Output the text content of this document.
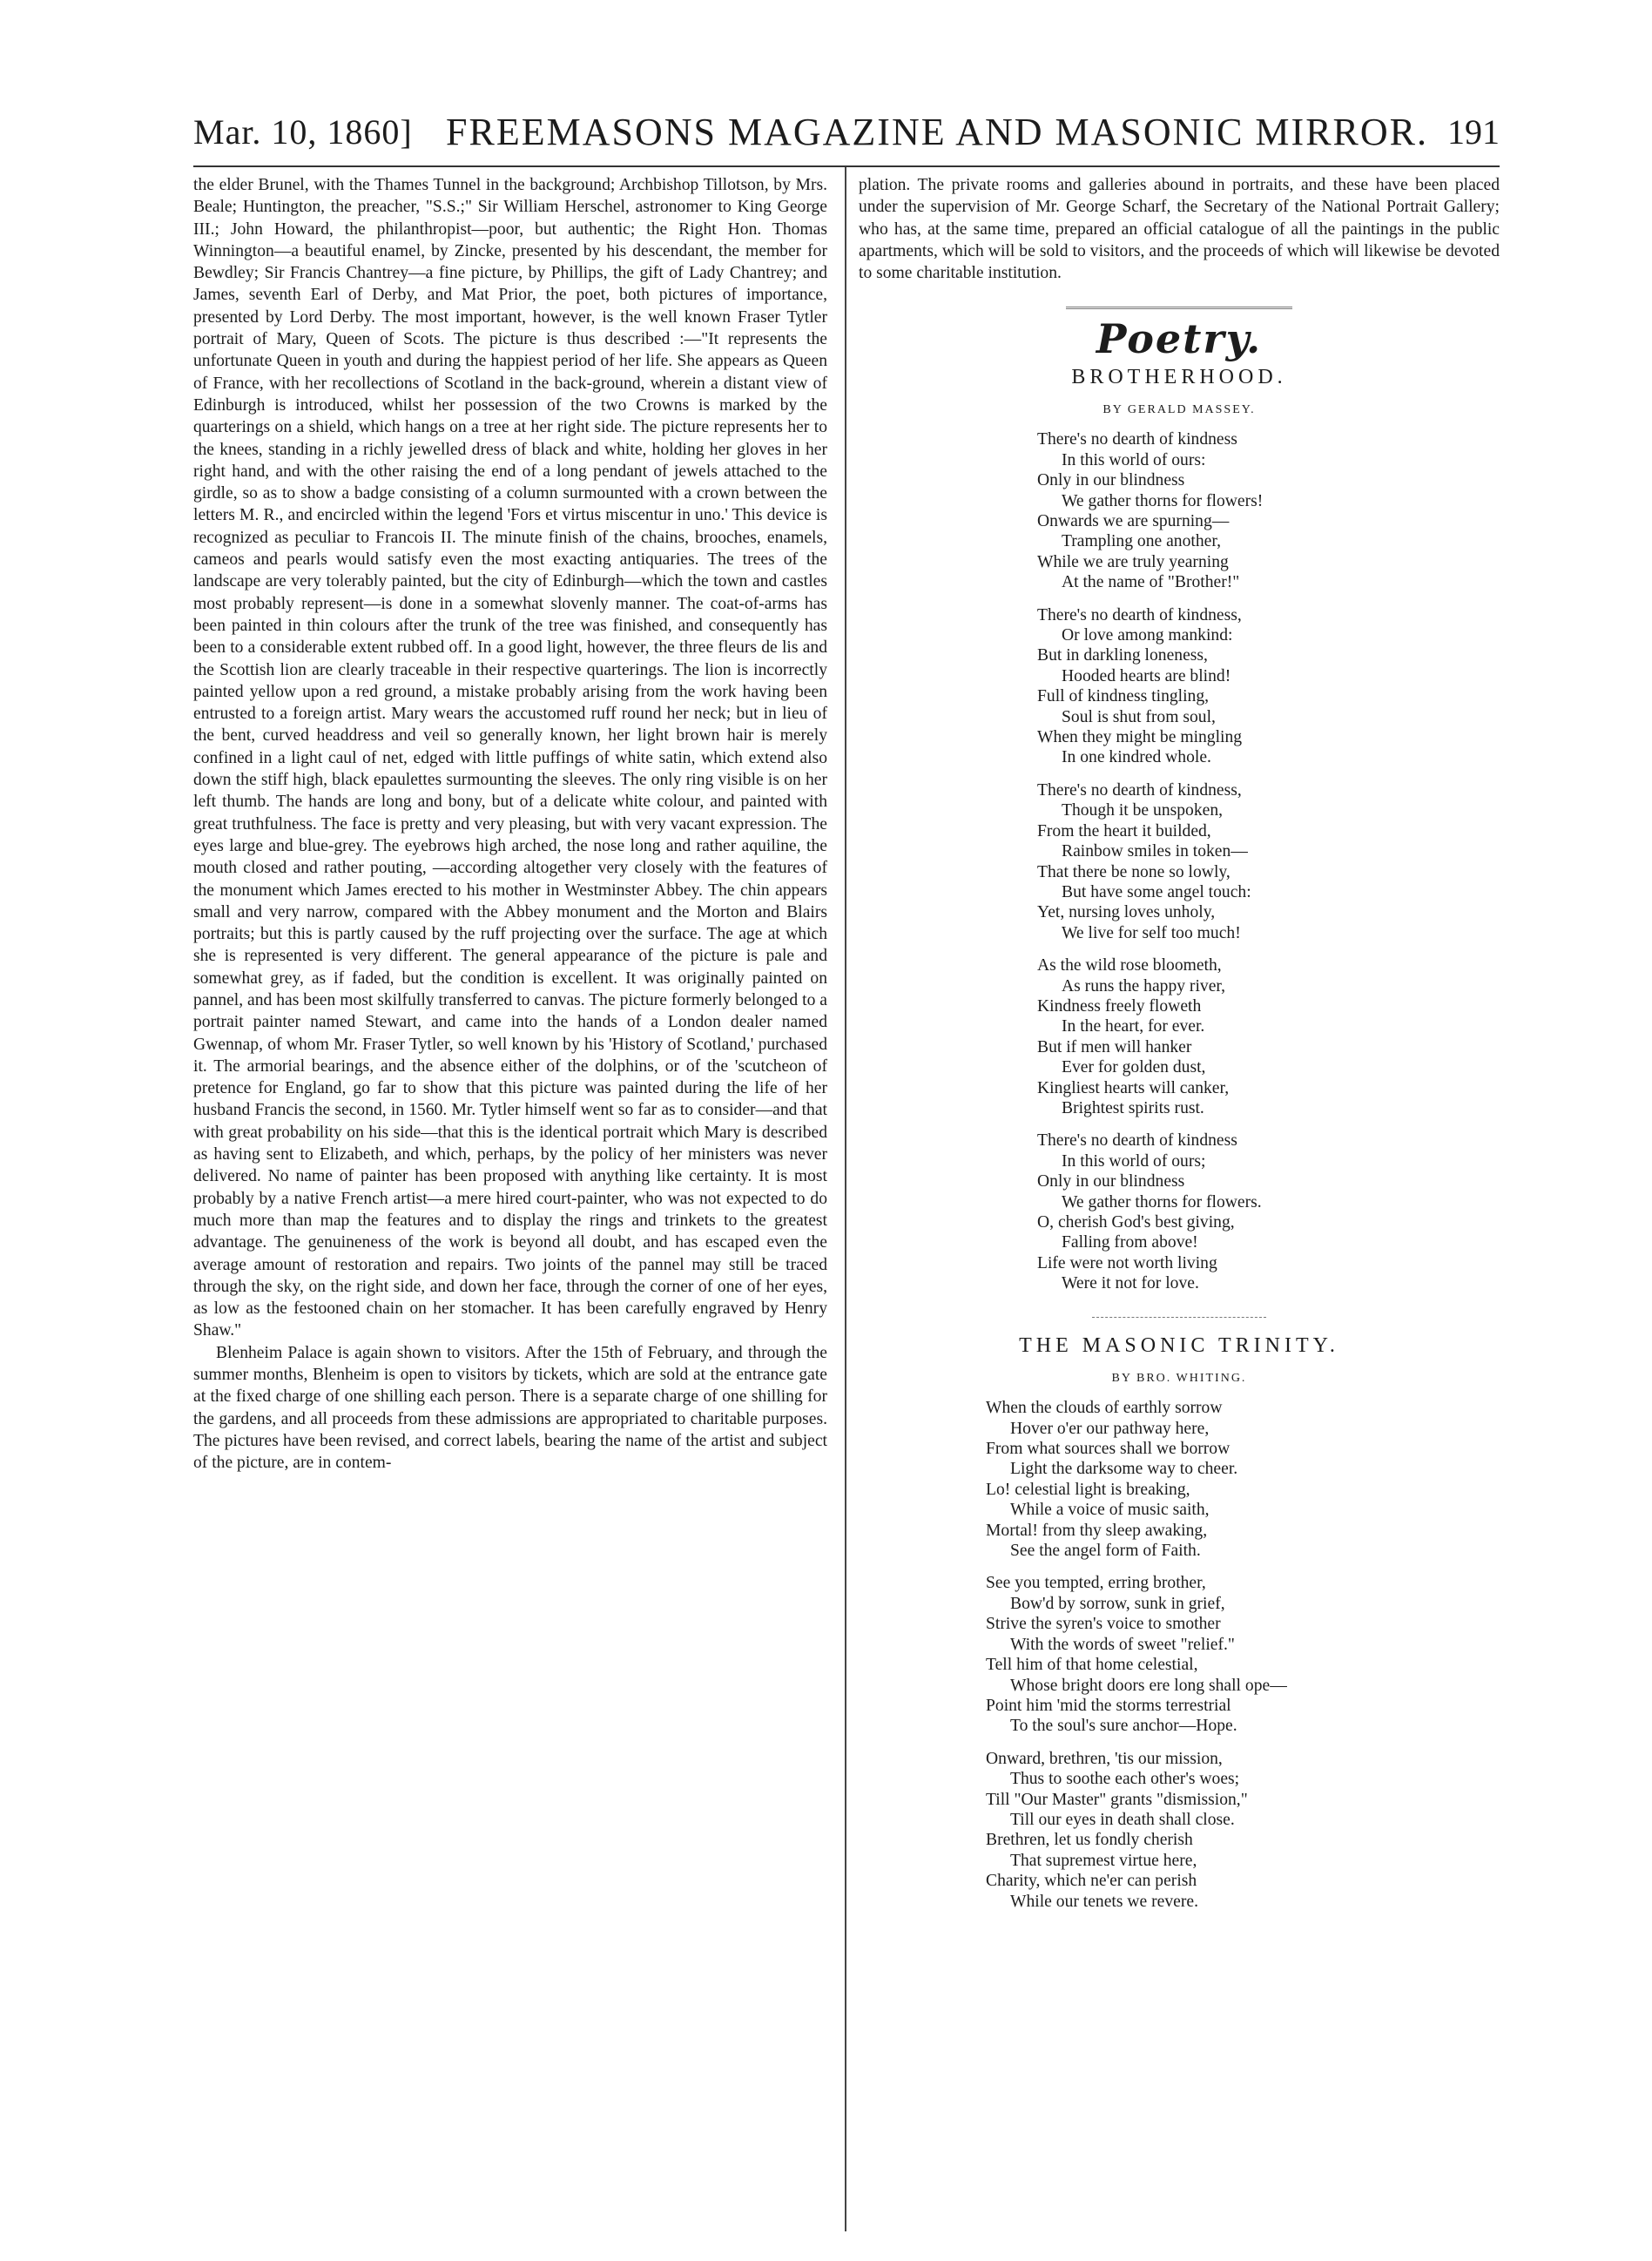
Mar. 10, 1860] FREEMASONS MAGAZINE AND MASONIC MIRROR. 191

the elder Brunel, with the Thames Tunnel in the background; Archbishop Tillotson, by Mrs. Beale; Huntington, the preacher, "S.S.;" Sir William Herschel, astronomer to King George III.; John Howard, the philanthropist—poor, but authentic; the Right Hon. Thomas Winnington—a beautiful enamel, by Zincke, presented by his descendant, the member for Bewdley; Sir Francis Chantrey—a fine picture, by Phillips, the gift of Lady Chantrey; and James, seventh Earl of Derby, and Mat Prior, the poet, both pictures of importance, presented by Lord Derby. The most important, however, is the well known Fraser Tytler portrait of Mary, Queen of Scots. The picture is thus described :—"It represents the unfortunate Queen in youth and during the happiest period of her life. She appears as Queen of France, with her recollections of Scotland in the back-ground, wherein a distant view of Edinburgh is introduced, whilst her possession of the two Crowns is marked by the quarterings on a shield, which hangs on a tree at her right side. The picture represents her to the knees, standing in a richly jewelled dress of black and white, holding her gloves in her right hand, and with the other raising the end of a long pendant of jewels attached to the girdle, so as to show a badge consisting of a column surmounted with a crown between the letters M. R., and encircled within the legend 'Fors et virtus miscentur in uno.' This device is recognized as peculiar to Francois II. The minute finish of the chains, brooches, enamels, cameos and pearls would satisfy even the most exacting antiquaries. The trees of the landscape are very tolerably painted, but the city of Edinburgh—which the town and castles most probably represent—is done in a somewhat slovenly manner. The coat-of-arms has been painted in thin colours after the trunk of the tree was finished, and consequently has been to a considerable extent rubbed off. In a good light, however, the three fleurs de lis and the Scottish lion are clearly traceable in their respective quarterings. The lion is incorrectly painted yellow upon a red ground, a mistake probably arising from the work having been entrusted to a foreign artist. Mary wears the accustomed ruff round her neck; but in lieu of the bent, curved headdress and veil so generally known, her light brown hair is merely confined in a light caul of net, edged with little puffings of white satin, which extend also down the stiff high, black epaulettes surmounting the sleeves. The only ring visible is on her left thumb. The hands are long and bony, but of a delicate white colour, and painted with great truthfulness. The face is pretty and very pleasing, but with very vacant expression. The eyes large and blue-grey. The eyebrows high arched, the nose long and rather aquiline, the mouth closed and rather pouting, —according altogether very closely with the features of the monument which James erected to his mother in Westminster Abbey. The chin appears small and very narrow, compared with the Abbey monument and the Morton and Blairs portraits; but this is partly caused by the ruff projecting over the surface. The age at which she is represented is very different. The general appearance of the picture is pale and somewhat grey, as if faded, but the condition is excellent. It was originally painted on pannel, and has been most skilfully transferred to canvas. The picture formerly belonged to a portrait painter named Stewart, and came into the hands of a London dealer named Gwennap, of whom Mr. Fraser Tytler, so well known by his 'History of Scotland,' purchased it. The armorial bearings, and the absence either of the dolphins, or of the 'scutcheon of pretence for England, go far to show that this picture was painted during the life of her husband Francis the second, in 1560. Mr. Tytler himself went so far as to consider—and that with great probability on his side—that this is the identical portrait which Mary is described as having sent to Elizabeth, and which, perhaps, by the policy of her ministers was never delivered. No name of painter has been proposed with anything like certainty. It is most probably by a native French artist—a mere hired court-painter, who was not expected to do much more than map the features and to display the rings and trinkets to the greatest advantage. The genuineness of the work is beyond all doubt, and has escaped even the average amount of restoration and repairs. Two joints of the pannel may still be traced through the sky, on the right side, and down her face, through the corner of one of her eyes, as low as the festooned chain on her stomacher. It has been carefully engraved by Henry Shaw."

Blenheim Palace is again shown to visitors. After the 15th of February, and through the summer months, Blenheim is open to visitors by tickets, which are sold at the entrance gate at the fixed charge of one shilling each person. There is a separate charge of one shilling for the gardens, and all proceeds from these admissions are appropriated to charitable purposes. The pictures have been revised, and correct labels, bearing the name of the artist and subject of the picture, are in contem-

plation. The private rooms and galleries abound in portraits, and these have been placed under the supervision of Mr. George Scharf, the Secretary of the National Portrait Gallery; who has, at the same time, prepared an official catalogue of all the paintings in the public apartments, which will be sold to visitors, and the proceeds of which will likewise be devoted to some charitable institution.

Poetry.
BROTHERHOOD.
BY GERALD MASSEY.
There's no dearth of kindness
In this world of ours:
Only in our blindness
We gather thorns for flowers!
Onwards we are spurning—
Trampling one another,
While we are truly yearning
At the name of "Brother!"
There's no dearth of kindness,
Or love among mankind:
But in darkling loneness,
Hooded hearts are blind!
Full of kindness tingling,
Soul is shut from soul,
When they might be mingling
In one kindred whole.
There's no dearth of kindness,
Though it be unspoken,
From the heart it builded,
Rainbow smiles in token—
That there be none so lowly,
But have some angel touch:
Yet, nursing loves unholy,
We live for self too much!
As the wild rose bloometh,
As runs the happy river,
Kindness freely floweth
In the heart, for ever.
But if men will hanker
Ever for golden dust,
Kingliest hearts will canker,
Brightest spirits rust.
There's no dearth of kindness
In this world of ours;
Only in our blindness
We gather thorns for flowers.
O, cherish God's best giving,
Falling from above!
Life were not worth living
Were it not for love.
THE MASONIC TRINITY.
BY BRO. WHITING.
When the clouds of earthly sorrow
Hover o'er our pathway here,
From what sources shall we borrow
Light the darksome way to cheer.
Lo! celestial light is breaking,
While a voice of music saith,
Mortal! from thy sleep awaking,
See the angel form of Faith.
See you tempted, erring brother,
Bow'd by sorrow, sunk in grief,
Strive the syren's voice to smother
With the words of sweet "relief."
Tell him of that home celestial,
Whose bright doors ere long shall ope—
Point him 'mid the storms terrestrial
To the soul's sure anchor—Hope.
Onward, brethren, 'tis our mission,
Thus to soothe each other's woes;
Till "Our Master" grants "dismission,"
Till our eyes in death shall close.
Brethren, let us fondly cherish
That supremest virtue here,
Charity, which ne'er can perish
While our tenets we revere.
